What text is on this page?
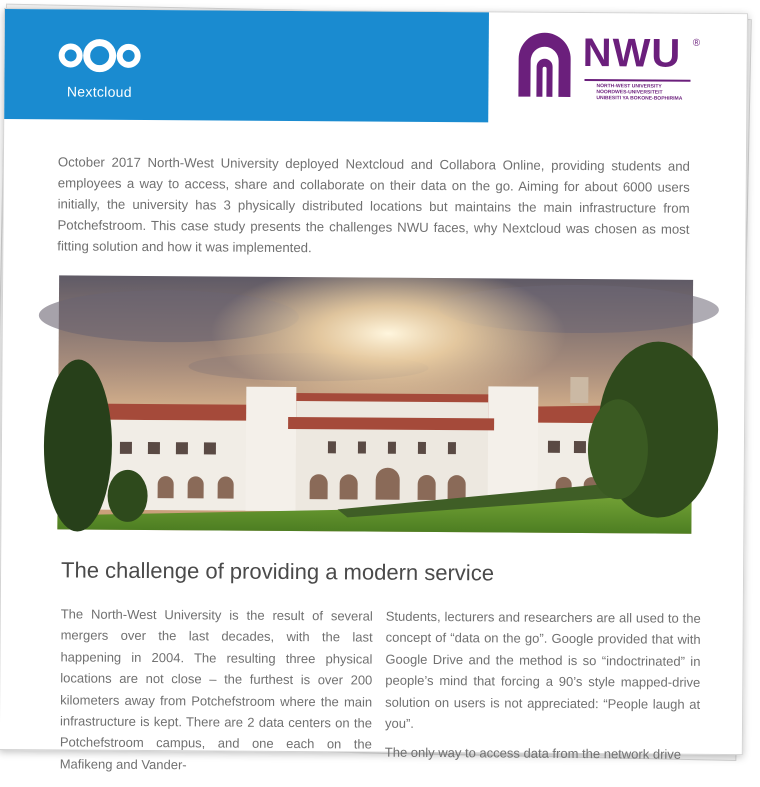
Nextcloud
NWU ®
NORTH-WEST UNIVERSITY
NOORDWES-UNIVERSITEIT
UNIBESITI YA BOKONE-BOPHIRIMA

October 2017 North-West University deployed Nextcloud and Collabora Online, providing students and employees a way to access, share and collaborate on their data on the go. Aiming for about 6000 users initially, the university has 3 physically distributed locations but maintains the main infrastructure from Potchefstroom. This case study presents the challenges NWU faces, why Nextcloud was chosen as most fitting solution and how it was implemented.

The challenge of providing a modern service

The North-West University is the result of several mergers over the last decades, with the last happening in 2004. The resulting three physical locations are not close – the furthest is over 200 kilometers away from Potchefstroom where the main infrastructure is kept. There are 2 data centers on the Potchefstroom campus, and one each on the Mafikeng and Vander-

Students, lecturers and researchers are all used to the concept of “data on the go”. Google provided that with Google Drive and the method is so “indoctrinated” in people’s mind that forcing a 90’s style mapped-drive solution on users is not appreciated: “People laugh at you”.

The only way to access data from the network drive
